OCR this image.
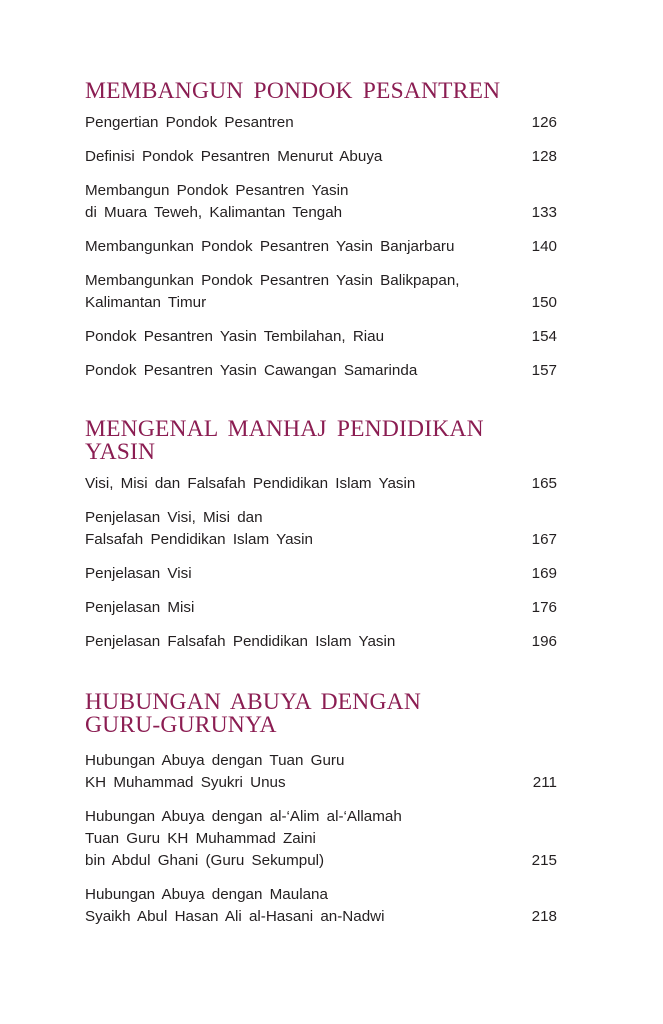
MEMBANGUN PONDOK PESANTREN
Pengertian Pondok Pesantren	126
Definisi Pondok Pesantren Menurut Abuya	128
Membangun Pondok Pesantren Yasin
di Muara Teweh, Kalimantan Tengah	133
Membangunkan Pondok Pesantren Yasin Banjarbaru	140
Membangunkan Pondok Pesantren Yasin Balikpapan,
Kalimantan Timur	150
Pondok Pesantren Yasin Tembilahan, Riau	154
Pondok Pesantren Yasin Cawangan Samarinda	157
MENGENAL MANHAJ PENDIDIKAN YASIN
Visi, Misi dan Falsafah Pendidikan Islam Yasin	165
Penjelasan Visi, Misi dan
Falsafah Pendidikan Islam Yasin	167
Penjelasan Visi	169
Penjelasan Misi	176
Penjelasan Falsafah Pendidikan Islam Yasin	196
HUBUNGAN ABUYA DENGAN
GURU-GURUNYA
Hubungan Abuya dengan Tuan Guru
KH Muhammad Syukri Unus	211
Hubungan Abuya dengan al-‘Alim al-‘Allamah
Tuan Guru KH Muhammad Zaini
bin Abdul Ghani (Guru Sekumpul)	215
Hubungan Abuya dengan Maulana
Syaikh Abul Hasan Ali al-Hasani an-Nadwi	218
